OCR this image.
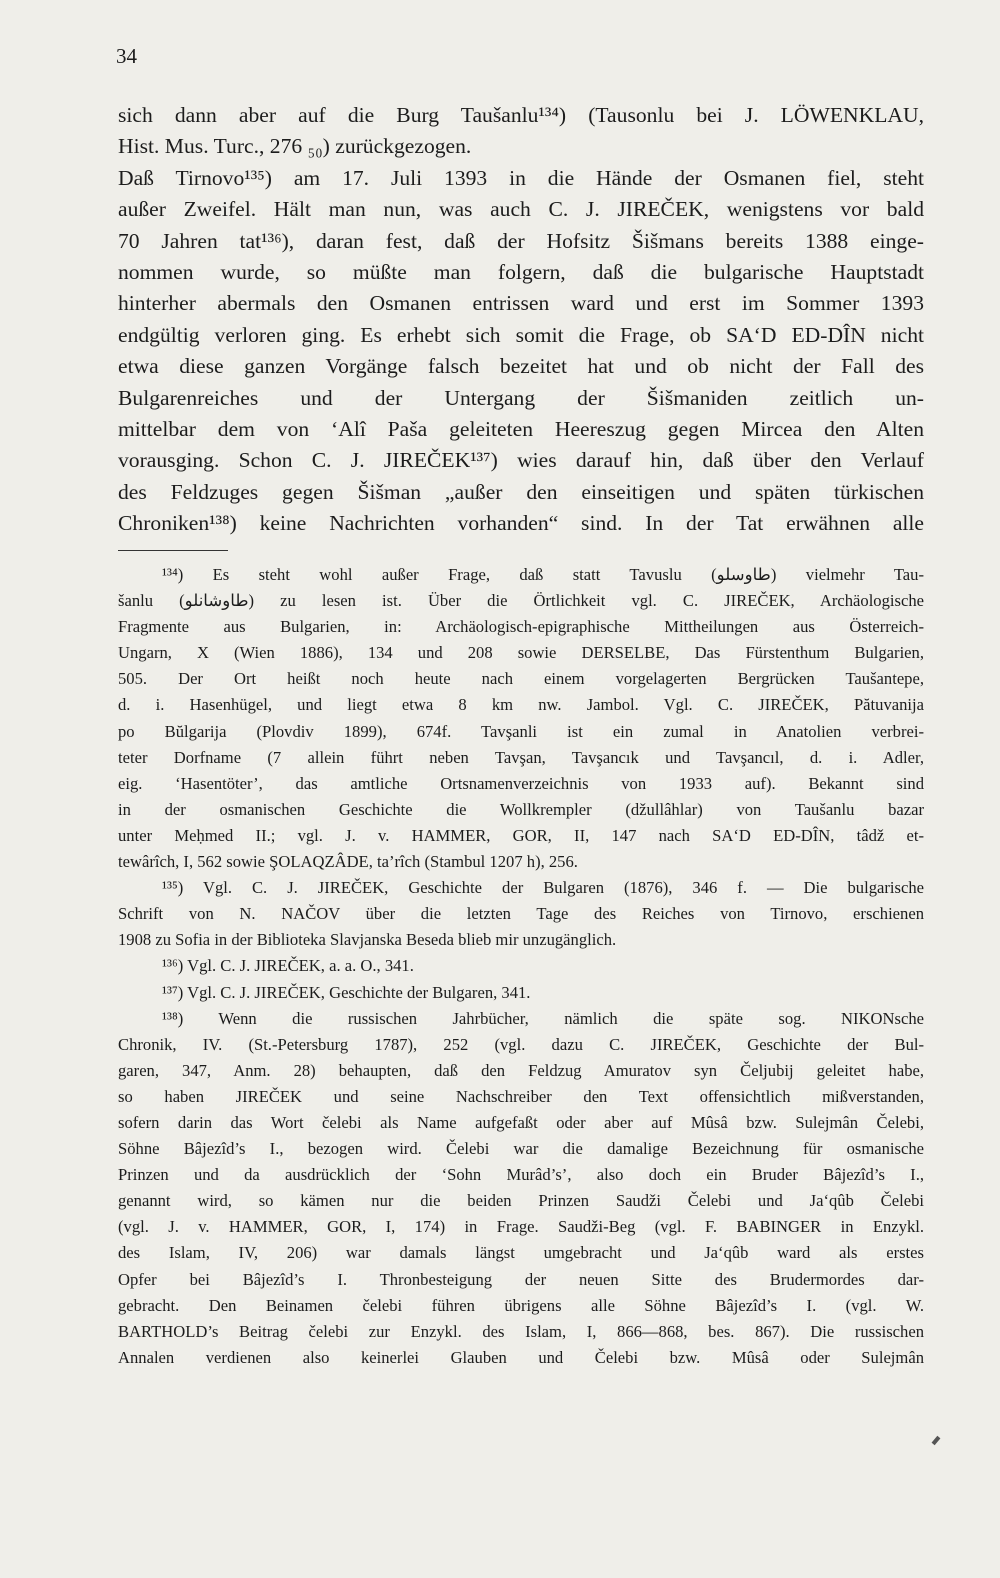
34
sich dann aber auf die Burg Taušanlu¹³⁴) (Tausonlu bei J. LÖWENKLAU,
Hist. Mus. Turc., 276 ₅₀) zurückgezogen.
Daß Tirnovo¹³⁵) am 17. Juli 1393 in die Hände der Osmanen fiel, steht
außer Zweifel. Hält man nun, was auch C. J. JIREČEK, wenigstens vor bald
70 Jahren tat¹³⁶), daran fest, daß der Hofsitz Šišmans bereits 1388 einge-
nommen wurde, so müßte man folgern, daß die bulgarische Hauptstadt
hinterher abermals den Osmanen entrissen ward und erst im Sommer 1393
endgültig verloren ging. Es erhebt sich somit die Frage, ob SA‘D ED-DÎN nicht
etwa diese ganzen Vorgänge falsch bezeitet hat und ob nicht der Fall des
Bulgarenreiches und der Untergang der Šišmaniden zeitlich un-
mittelbar dem von ‘Alî Paša geleiteten Heereszug gegen Mircea den Alten
vorausging. Schon C. J. JIREČEK¹³⁷) wies darauf hin, daß über den Verlauf
des Feldzuges gegen Šišman „außer den einseitigen und späten türkischen
Chroniken¹³⁸) keine Nachrichten vorhanden“ sind. In der Tat erwähnen alle
¹³⁴) Es steht wohl außer Frage, daß statt Tavuslu (طاوسلو) vielmehr Tau-
šanlu (طاوشانلو) zu lesen ist. Über die Örtlichkeit vgl. C. JIREČEK, Archäologische
Fragmente aus Bulgarien, in: Archäologisch-epigraphische Mittheilungen aus Österreich-
Ungarn, X (Wien 1886), 134 und 208 sowie DERSELBE, Das Fürstenthum Bulgarien,
505. Der Ort heißt noch heute nach einem vorgelagerten Bergrücken Taušantepe,
d. i. Hasenhügel, und liegt etwa 8 km nw. Jambol. Vgl. C. JIREČEK, Pătuvanija
po Bŭlgarija (Plovdiv 1899), 674f. Tavşanli ist ein zumal in Anatolien verbrei-
teter Dorfname (7 allein führt neben Tavşan, Tavşancık und Tavşancıl, d. i. Adler,
eig. ‘Hasentöter’, das amtliche Ortsnamenverzeichnis von 1933 auf). Bekannt sind
in der osmanischen Geschichte die Wollkrempler (džullâhlar) von Taušanlu bazar
unter Meḥmed II.; vgl. J. v. HAMMER, GOR, II, 147 nach SA‘D ED-DÎN, tâdž et-
tewârîch, I, 562 sowie ŞOLAQZÂDE, ta’rîch (Stambul 1207 h), 256.
¹³⁵) Vgl. C. J. JIREČEK, Geschichte der Bulgaren (1876), 346 f. — Die bulgarische
Schrift von N. NAČOV über die letzten Tage des Reiches von Tirnovo, erschienen
1908 zu Sofia in der Biblioteka Slavjanska Beseda blieb mir unzugänglich.
¹³⁶) Vgl. C. J. JIREČEK, a. a. O., 341.
¹³⁷) Vgl. C. J. JIREČEK, Geschichte der Bulgaren, 341.
¹³⁸) Wenn die russischen Jahrbücher, nämlich die späte sog. NIKONsche
Chronik, IV. (St.-Petersburg 1787), 252 (vgl. dazu C. JIREČEK, Geschichte der Bul-
garen, 347, Anm. 28) behaupten, daß den Feldzug Amuratov syn Čeljubij geleitet habe,
so haben JIREČEK und seine Nachschreiber den Text offensichtlich mißverstanden,
sofern darin das Wort čelebi als Name aufgefaßt oder aber auf Mûsâ bzw. Sulejmân Čelebi,
Söhne Bâjezîd’s I., bezogen wird. Čelebi war die damalige Bezeichnung für osmanische
Prinzen und da ausdrücklich der ‘Sohn Murâd’s’, also doch ein Bruder Bâjezîd’s I.,
genannt wird, so kämen nur die beiden Prinzen Saudži Čelebi und Ja‘qûb Čelebi
(vgl. J. v. HAMMER, GOR, I, 174) in Frage. Saudži-Beg (vgl. F. BABINGER in Enzykl.
des Islam, IV, 206) war damals längst umgebracht und Ja‘qûb ward als erstes
Opfer bei Bâjezîd’s I. Thronbesteigung der neuen Sitte des Brudermordes dar-
gebracht. Den Beinamen čelebi führen übrigens alle Söhne Bâjezîd’s I. (vgl. W.
BARTHOLD’s Beitrag čelebi zur Enzykl. des Islam, I, 866—868, bes. 867). Die russischen
Annalen verdienen also keinerlei Glauben und Čelebi bzw. Mûsâ oder Sulejmân
